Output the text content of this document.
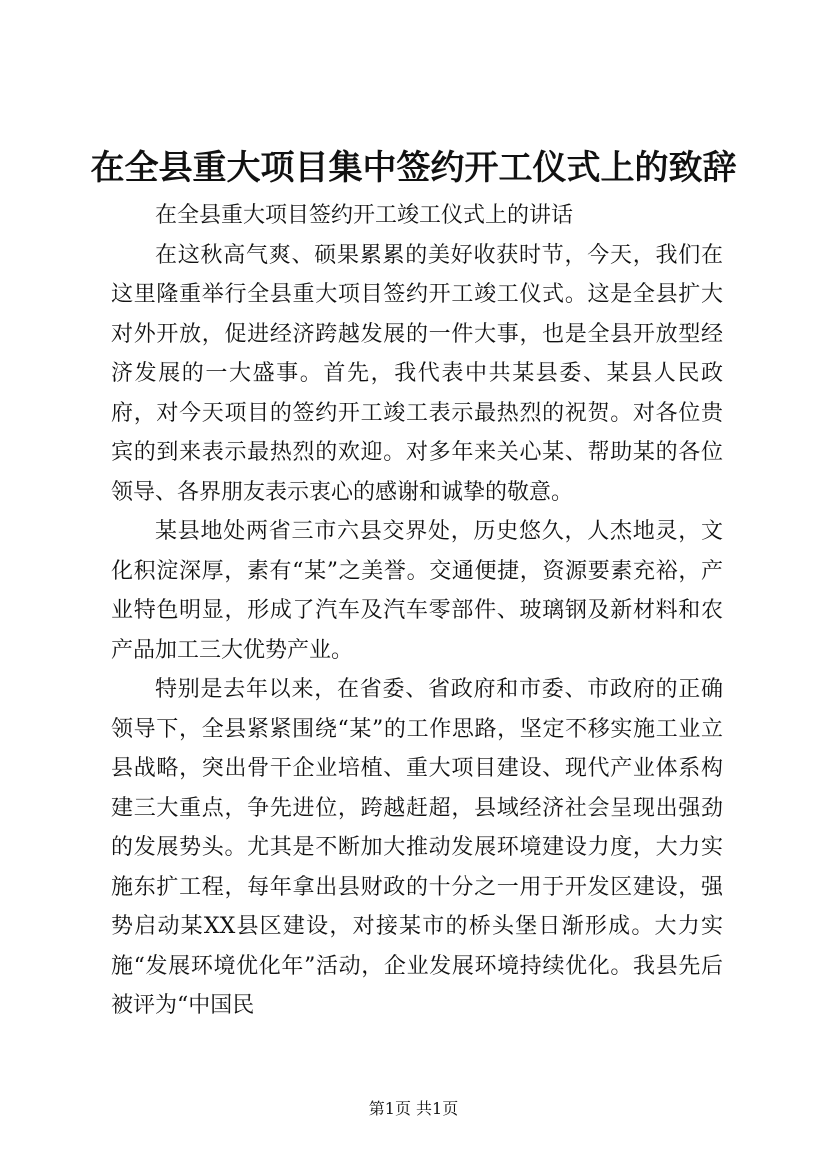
在全县重大项目集中签约开工仪式上的致辞

在全县重大项目签约开工竣工仪式上的讲话

在这秋高气爽、硕果累累的美好收获时节，今天，我们在这里隆重举行全县重大项目签约开工竣工仪式。这是全县扩大对外开放，促进经济跨越发展的一件大事，也是全县开放型经济发展的一大盛事。首先，我代表中共某县委、某县人民政府，对今天项目的签约开工竣工表示最热烈的祝贺。对各位贵宾的到来表示最热烈的欢迎。对多年来关心某、帮助某的各位领导、各界朋友表示衷心的感谢和诚挚的敬意。

某县地处两省三市六县交界处，历史悠久，人杰地灵，文化积淀深厚，素有“某”之美誉。交通便捷，资源要素充裕，产业特色明显，形成了汽车及汽车零部件、玻璃钢及新材料和农产品加工三大优势产业。

特别是去年以来，在省委、省政府和市委、市政府的正确领导下，全县紧紧围绕“某”的工作思路，坚定不移实施工业立县战略，突出骨干企业培植、重大项目建设、现代产业体系构建三大重点，争先进位，跨越赶超，县域经济社会呈现出强劲的发展势头。尤其是不断加大推动发展环境建设力度，大力实施东扩工程，每年拿出县财政的十分之一用于开发区建设，强势启动某XX县区建设，对接某市的桥头堡日渐形成。大力实施“发展环境优化年”活动，企业发展环境持续优化。我县先后被评为“中国民

第1页 共1页
